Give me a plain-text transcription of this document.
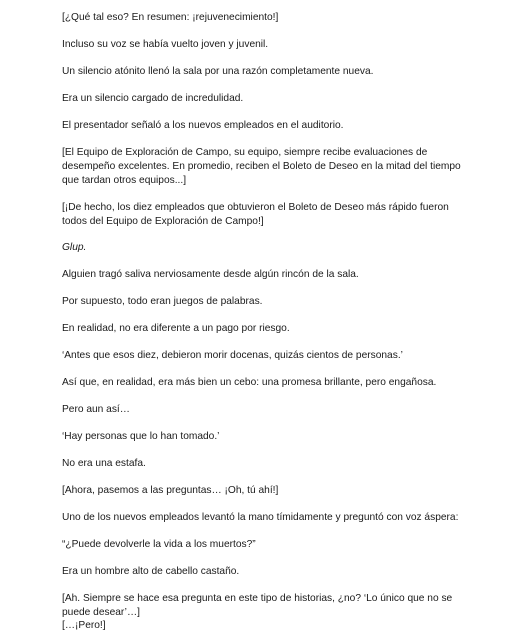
[¿Qué tal eso? En resumen: ¡rejuvenecimiento!]

Incluso su voz se había vuelto joven y juvenil.

Un silencio atónito llenó la sala por una razón completamente nueva.

Era un silencio cargado de incredulidad.

El presentador señaló a los nuevos empleados en el auditorio.

[El Equipo de Exploración de Campo, su equipo, siempre recibe evaluaciones de desempeño excelentes. En promedio, reciben el Boleto de Deseo en la mitad del tiempo que tardan otros equipos...]

[¡De hecho, los diez empleados que obtuvieron el Boleto de Deseo más rápido fueron todos del Equipo de Exploración de Campo!]

Glup.

Alguien tragó saliva nerviosamente desde algún rincón de la sala.

Por supuesto, todo eran juegos de palabras.

En realidad, no era diferente a un pago por riesgo.

‘Antes que esos diez, debieron morir docenas, quizás cientos de personas.’

Así que, en realidad, era más bien un cebo: una promesa brillante, pero engañosa.

Pero aun así…

‘Hay personas que lo han tomado.’

No era una estafa.

[Ahora, pasemos a las preguntas… ¡Oh, tú ahí!]

Uno de los nuevos empleados levantó la mano tímidamente y preguntó con voz áspera:

“¿Puede devolverle la vida a los muertos?”

Era un hombre alto de cabello castaño.

[Ah. Siempre se hace esa pregunta en este tipo de historias, ¿no? ‘Lo único que no se puede desear’…]

[…¡Pero!]
